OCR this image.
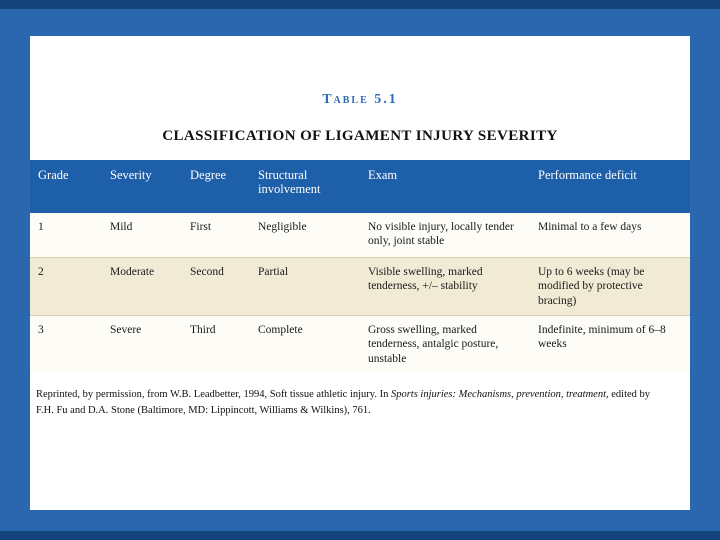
Table 5.1
CLASSIFICATION OF LIGAMENT INJURY SEVERITY
Grade	Severity	Degree	Structural involvement	Exam	Performance deficit
1	Mild	First	Negligible	No visible injury, locally tender only, joint stable	Minimal to a few days
2	Moderate	Second	Partial	Visible swelling, marked tenderness, +/– stability	Up to 6 weeks (may be modified by protective bracing)
3	Severe	Third	Complete	Gross swelling, marked tenderness, antalgic posture, unstable	Indefinite, minimum of 6–8 weeks

Reprinted, by permission, from W.B. Leadbetter, 1994, Soft tissue athletic injury. In Sports injuries: Mechanisms, prevention, treatment, edited by F.H. Fu and D.A. Stone (Baltimore, MD: Lippincott, Williams & Wilkins), 761.
